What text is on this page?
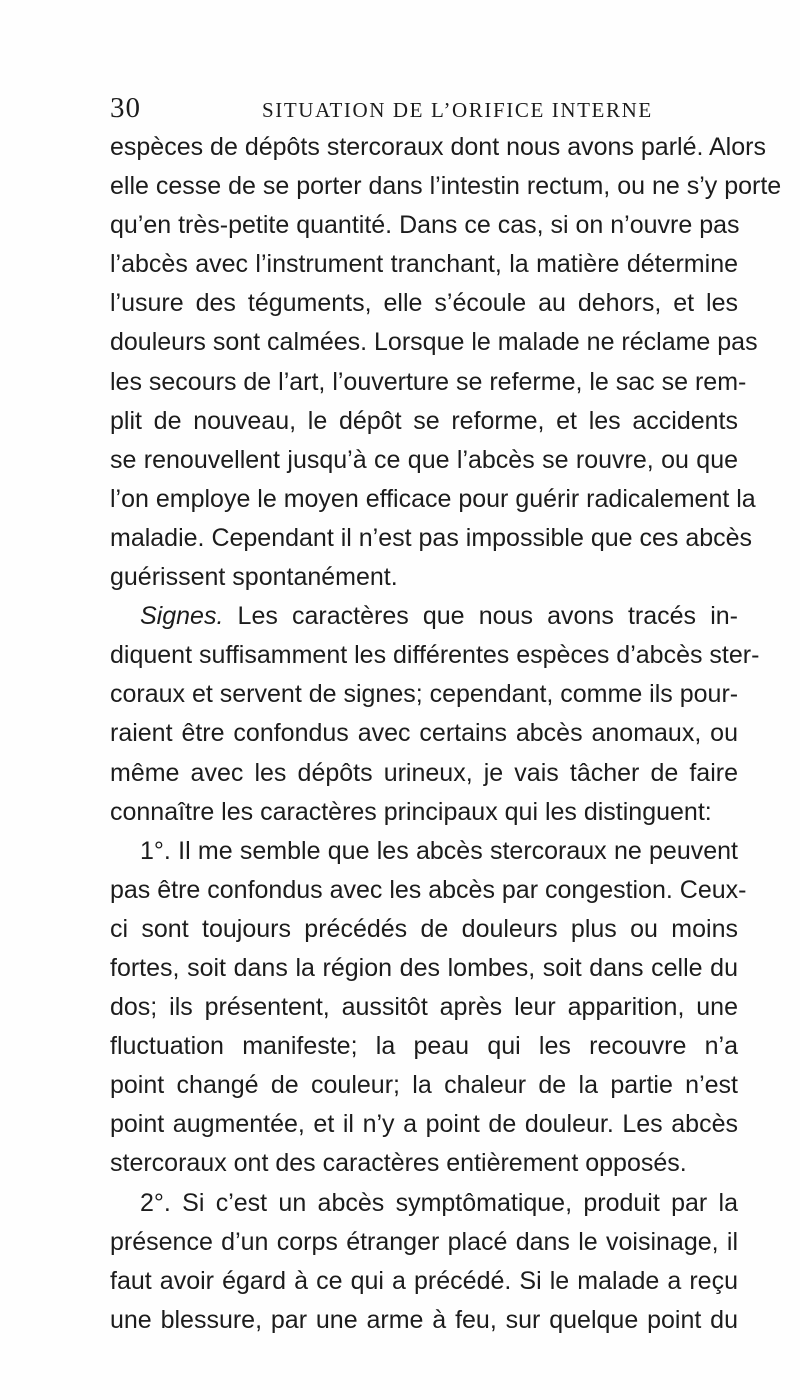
30	SITUATION DE L’ORIFICE INTERNE
espèces de dépôts stercoraux dont nous avons parlé. Alors
elle cesse de se porter dans l’intestin rectum, ou ne s’y porte
qu’en très-petite quantité. Dans ce cas, si on n’ouvre pas
l’abcès avec l’instrument tranchant, la matière détermine
l’usure des téguments, elle s’écoule au dehors, et les
douleurs sont calmées. Lorsque le malade ne réclame pas
les secours de l’art, l’ouverture se referme, le sac se rem-
plit de nouveau, le dépôt se reforme, et les accidents
se renouvellent jusqu’à ce que l’abcès se rouvre, ou que
l’on employe le moyen efficace pour guérir radicalement la
maladie. Cependant il n’est pas impossible que ces abcès
guérissent spontanément.
Signes. Les caractères que nous avons tracés in-
diquent suffisamment les différentes espèces d’abcès ster-
coraux et servent de signes; cependant, comme ils pour-
raient être confondus avec certains abcès anomaux, ou
même avec les dépôts urineux, je vais tâcher de faire
connaître les caractères principaux qui les distinguent:
1°. Il me semble que les abcès stercoraux ne peuvent
pas être confondus avec les abcès par congestion. Ceux-
ci sont toujours précédés de douleurs plus ou moins
fortes, soit dans la région des lombes, soit dans celle du
dos; ils présentent, aussitôt après leur apparition, une
fluctuation manifeste; la peau qui les recouvre n’a
point changé de couleur; la chaleur de la partie n’est
point augmentée, et il n’y a point de douleur. Les abcès
stercoraux ont des caractères entièrement opposés.
2°. Si c’est un abcès symptômatique, produit par la
présence d’un corps étranger placé dans le voisinage, il
faut avoir égard à ce qui a précédé. Si le malade a reçu
une blessure, par une arme à feu, sur quelque point du
